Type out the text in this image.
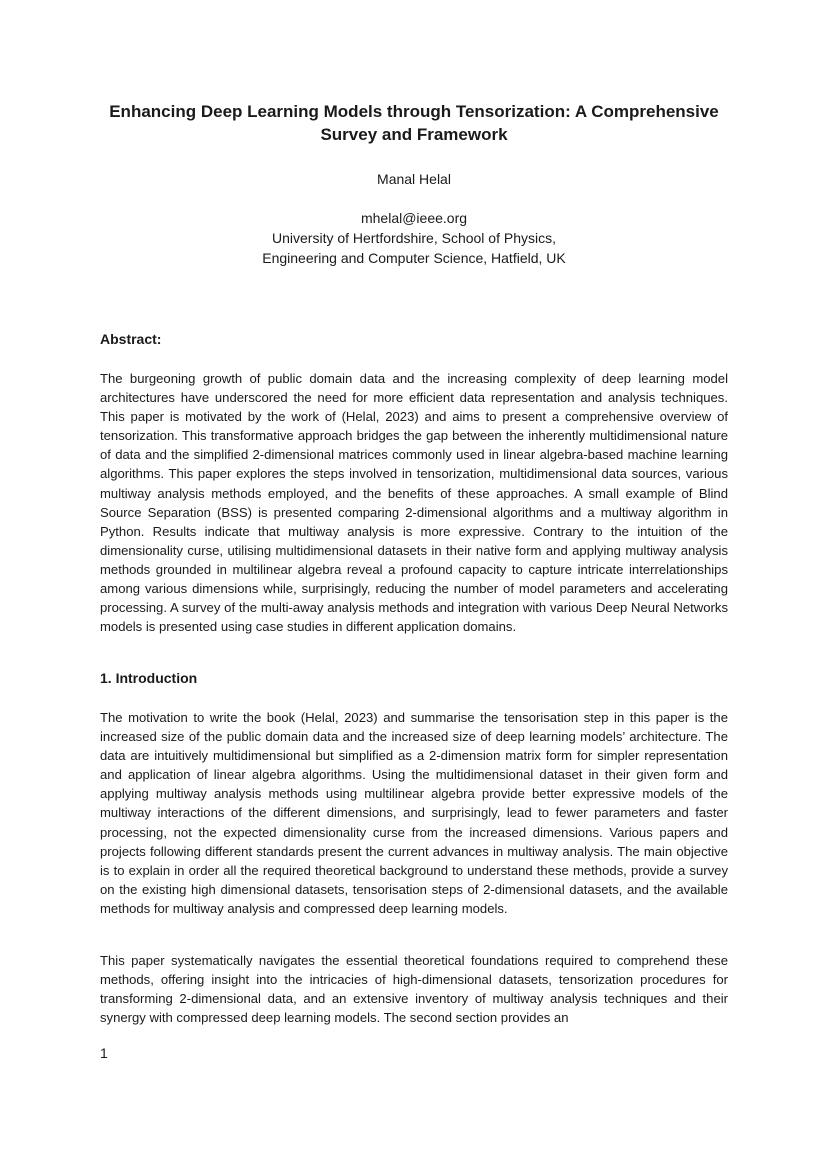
Enhancing Deep Learning Models through Tensorization: A Comprehensive Survey and Framework

Manal Helal

mhelal@ieee.org
University of Hertfordshire, School of Physics,
Engineering and Computer Science, Hatfield, UK
Abstract:

The burgeoning growth of public domain data and the increasing complexity of deep learning model architectures have underscored the need for more efficient data representation and analysis techniques. This paper is motivated by the work of (Helal, 2023) and aims to present a comprehensive overview of tensorization. This transformative approach bridges the gap between the inherently multidimensional nature of data and the simplified 2-dimensional matrices commonly used in linear algebra-based machine learning algorithms. This paper explores the steps involved in tensorization, multidimensional data sources, various multiway analysis methods employed, and the benefits of these approaches. A small example of Blind Source Separation (BSS) is presented comparing 2-dimensional algorithms and a multiway algorithm in Python. Results indicate that multiway analysis is more expressive. Contrary to the intuition of the dimensionality curse, utilising multidimensional datasets in their native form and applying multiway analysis methods grounded in multilinear algebra reveal a profound capacity to capture intricate interrelationships among various dimensions while, surprisingly, reducing the number of model parameters and accelerating processing. A survey of the multi-away analysis methods and integration with various Deep Neural Networks models is presented using case studies in different application domains.

1. Introduction

The motivation to write the book (Helal, 2023) and summarise the tensorisation step in this paper is the increased size of the public domain data and the increased size of deep learning models’ architecture. The data are intuitively multidimensional but simplified as a 2-dimension matrix form for simpler representation and application of linear algebra algorithms. Using the multidimensional dataset in their given form and applying multiway analysis methods using multilinear algebra provide better expressive models of the multiway interactions of the different dimensions, and surprisingly, lead to fewer parameters and faster processing, not the expected dimensionality curse from the increased dimensions. Various papers and projects following different standards present the current advances in multiway analysis. The main objective is to explain in order all the required theoretical background to understand these methods, provide a survey on the existing high dimensional datasets, tensorisation steps of 2-dimensional datasets, and the available methods for multiway analysis and compressed deep learning models.

This paper systematically navigates the essential theoretical foundations required to comprehend these methods, offering insight into the intricacies of high-dimensional datasets, tensorization procedures for transforming 2-dimensional data, and an extensive inventory of multiway analysis techniques and their synergy with compressed deep learning models. The second section provides an

1
